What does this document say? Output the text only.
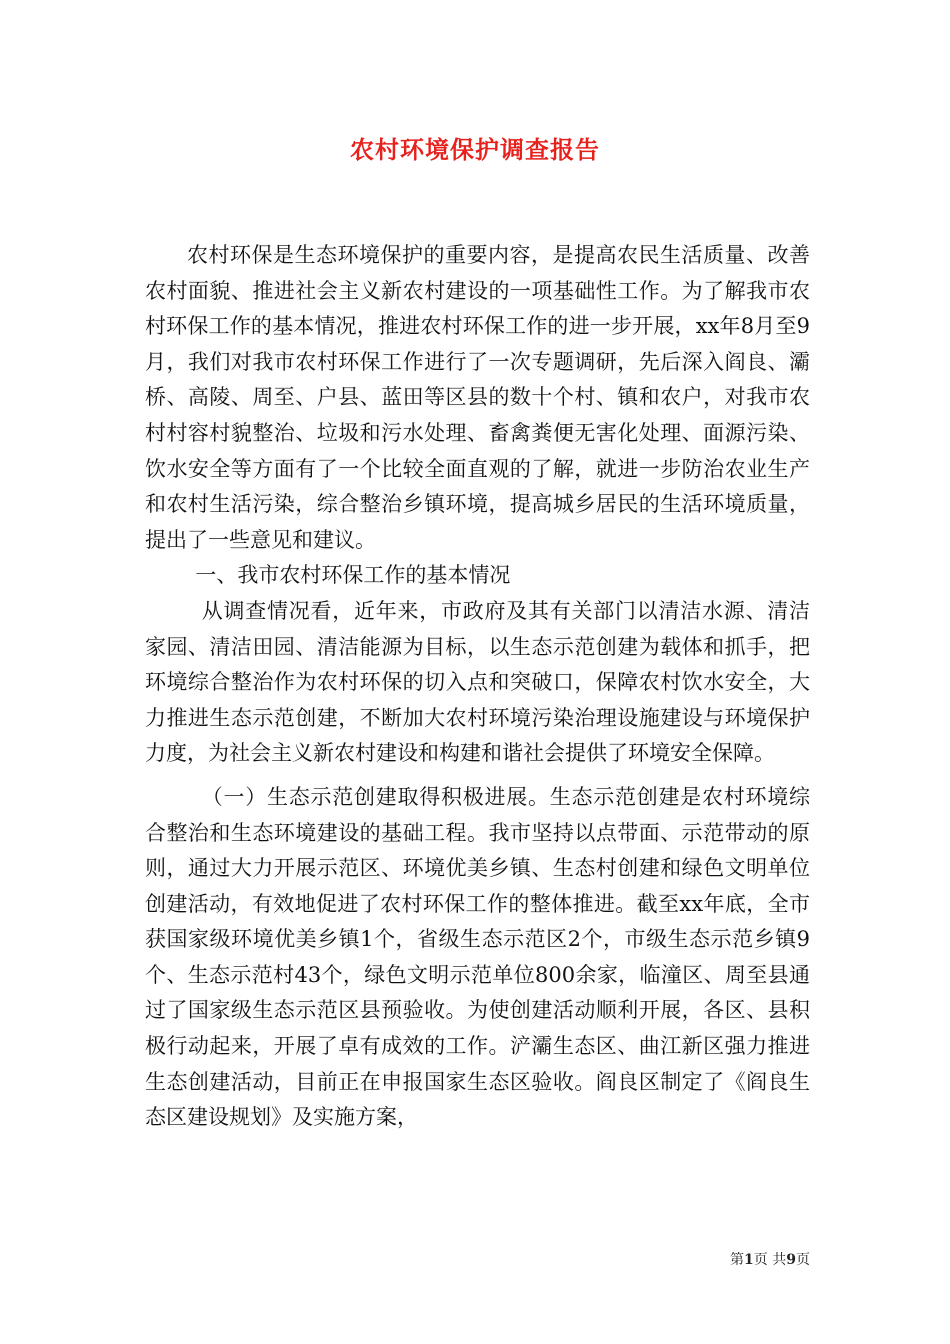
农村环境保护调查报告

农村环保是生态环境保护的重要内容，是提高农民生活质量、改善农村面貌、推进社会主义新农村建设的一项基础性工作。为了解我市农村环保工作的基本情况，推进农村环保工作的进一步开展，xx年8月至9月，我们对我市农村环保工作进行了一次专题调研，先后深入阎良、灞桥、高陵、周至、户县、蓝田等区县的数十个村、镇和农户，对我市农村村容村貌整治、垃圾和污水处理、畜禽粪便无害化处理、面源污染、饮水安全等方面有了一个比较全面直观的了解，就进一步防治农业生产和农村生活污染，综合整治乡镇环境，提高城乡居民的生活环境质量，提出了一些意见和建议。

一、我市农村环保工作的基本情况

从调查情况看，近年来，市政府及其有关部门以清洁水源、清洁家园、清洁田园、清洁能源为目标，以生态示范创建为载体和抓手，把环境综合整治作为农村环保的切入点和突破口，保障农村饮水安全，大力推进生态示范创建，不断加大农村环境污染治理设施建设与环境保护力度，为社会主义新农村建设和构建和谐社会提供了环境安全保障。

（一）生态示范创建取得积极进展。生态示范创建是农村环境综合整治和生态环境建设的基础工程。我市坚持以点带面、示范带动的原则，通过大力开展示范区、环境优美乡镇、生态村创建和绿色文明单位创建活动，有效地促进了农村环保工作的整体推进。截至xx年底，全市获国家级环境优美乡镇1个，省级生态示范区2个，市级生态示范乡镇9个、生态示范村43个，绿色文明示范单位800余家，临潼区、周至县通过了国家级生态示范区县预验收。为使创建活动顺利开展，各区、县积极行动起来，开展了卓有成效的工作。浐灞生态区、曲江新区强力推进生态创建活动，目前正在申报国家生态区验收。阎良区制定了《阎良生态区建设规划》及实施方案，

第1页 共9页
